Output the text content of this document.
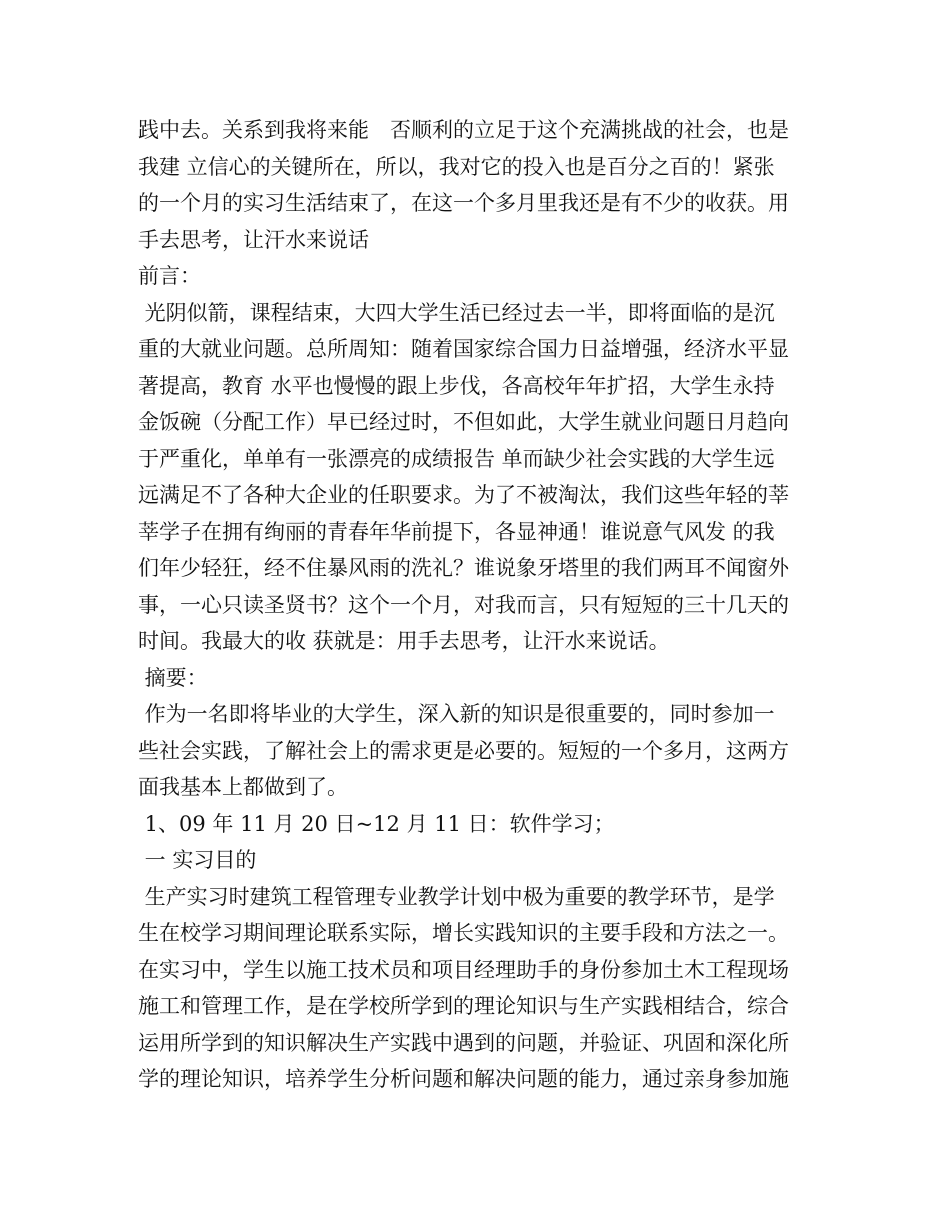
践中去。关系到我将来能　否顺利的立足于这个充满挑战的社会，也是
我建 立信心的关键所在，所以，我对它的投入也是百分之百的！紧张
的一个月的实习生活结束了，在这一个多月里我还是有不少的收获。用
手去思考，让汗水来说话
前言：
光阴似箭，课程结束，大四大学生活已经过去一半，即将面临的是沉
重的大就业问题。总所周知：随着国家综合国力日益增强，经济水平显
著提高，教育 水平也慢慢的跟上步伐，各高校年年扩招，大学生永持
金饭碗（分配工作）早已经过时，不但如此，大学生就业问题日月趋向
于严重化，单单有一张漂亮的成绩报告 单而缺少社会实践的大学生远
远满足不了各种大企业的任职要求。为了不被淘汰，我们这些年轻的莘
莘学子在拥有绚丽的青春年华前提下，各显神通！谁说意气风发 的我
们年少轻狂，经不住暴风雨的洗礼？谁说象牙塔里的我们两耳不闻窗外
事，一心只读圣贤书？这个一个月，对我而言，只有短短的三十几天的
时间。我最大的收 获就是：用手去思考，让汗水来说话。
摘要：
作为一名即将毕业的大学生，深入新的知识是很重要的，同时参加一
些社会实践，了解社会上的需求更是必要的。短短的一个多月，这两方
面我基本上都做到了。
1、09 年 11 月 20 日~12 月 11 日：软件学习；
一 实习目的
生产实习时建筑工程管理专业教学计划中极为重要的教学环节，是学
生在校学习期间理论联系实际，增长实践知识的主要手段和方法之一。
在实习中，学生以施工技术员和项目经理助手的身份参加土木工程现场
施工和管理工作，是在学校所学到的理论知识与生产实践相结合，综合
运用所学到的知识解决生产实践中遇到的问题，并验证、巩固和深化所
学的理论知识，培养学生分析问题和解决问题的能力，通过亲身参加施
